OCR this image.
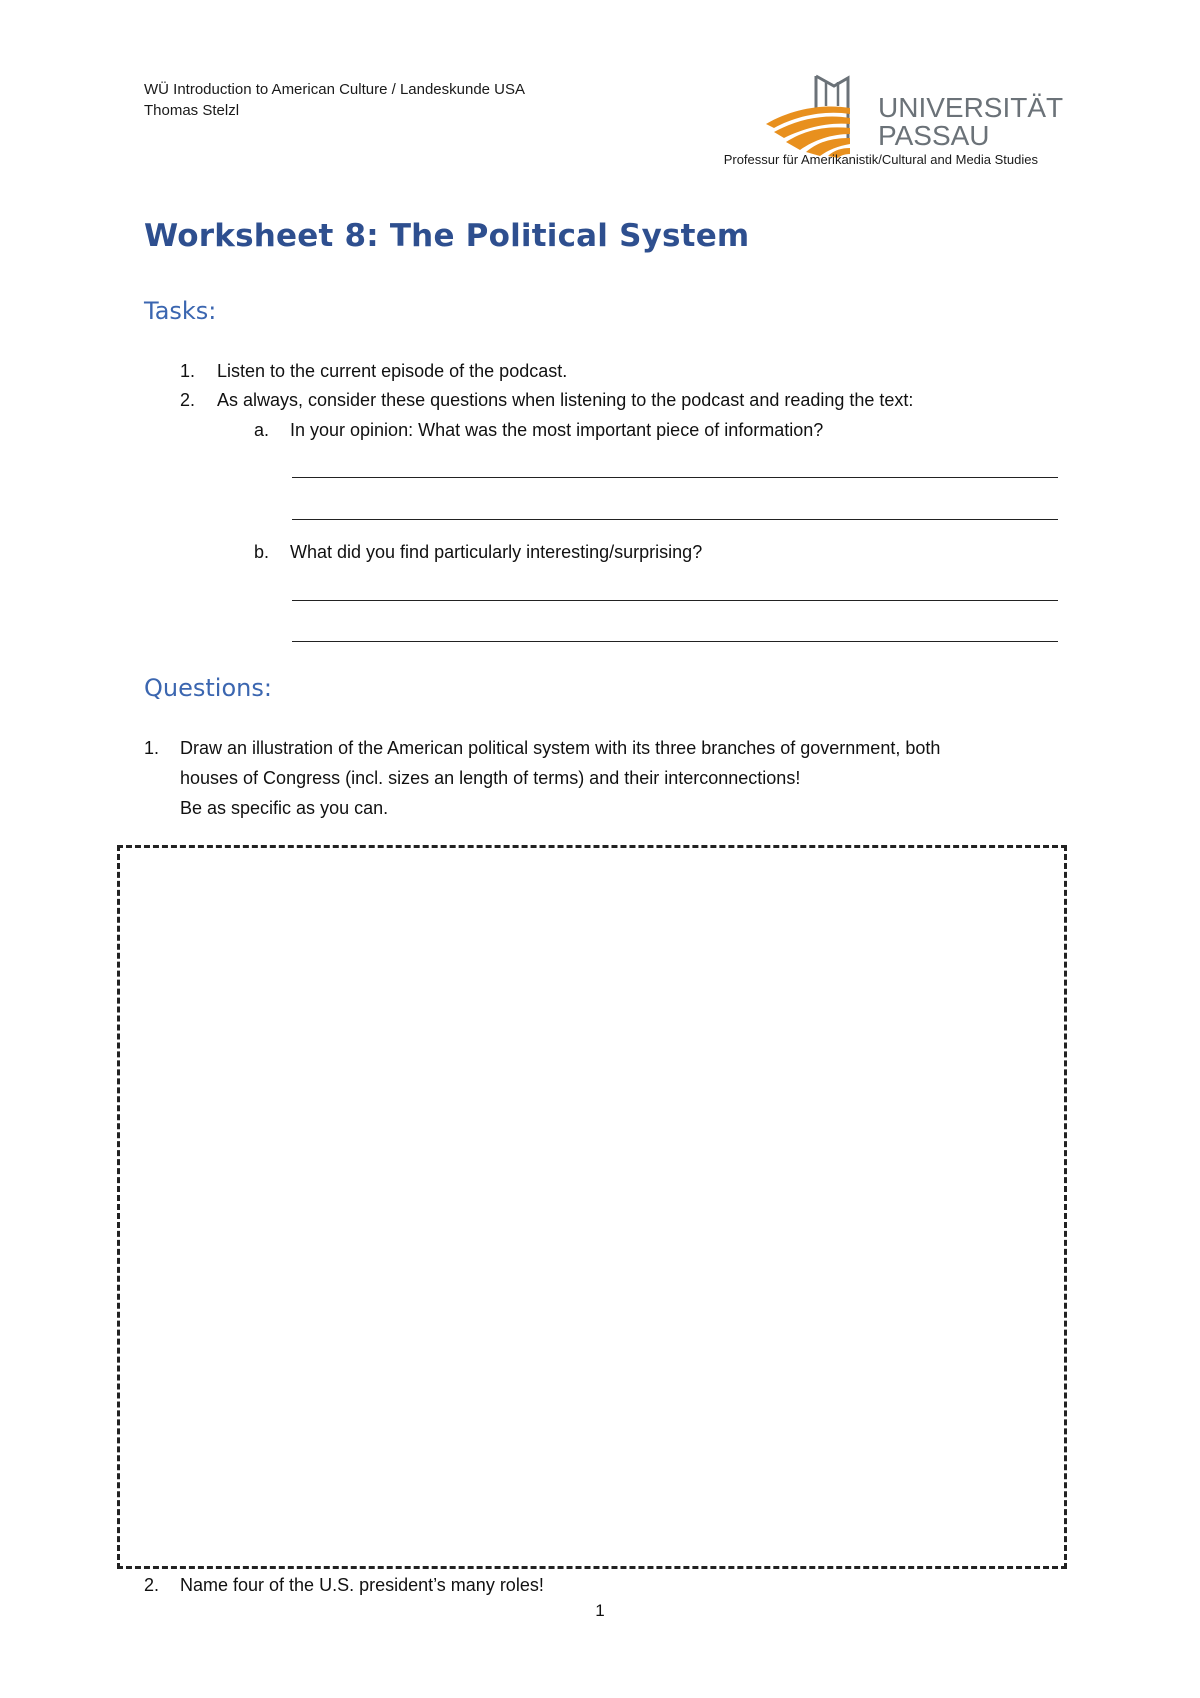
WÜ Introduction to American Culture / Landeskunde USA
Thomas Stelzl	UNIVERSITÄT
PASSAU
Professur für Amerikanistik/Cultural and Media Studies
Worksheet 8: The Political System
Tasks:
1. Listen to the current episode of the podcast.
2. As always, consider these questions when listening to the podcast and reading the text:
a. In your opinion: What was the most important piece of information?
b. What did you find particularly interesting/surprising?
Questions:
1. Draw an illustration of the American political system with its three branches of government, both
houses of Congress (incl. sizes an length of terms) and their interconnections!
Be as specific as you can.
2. Name four of the U.S. president’s many roles!
1
